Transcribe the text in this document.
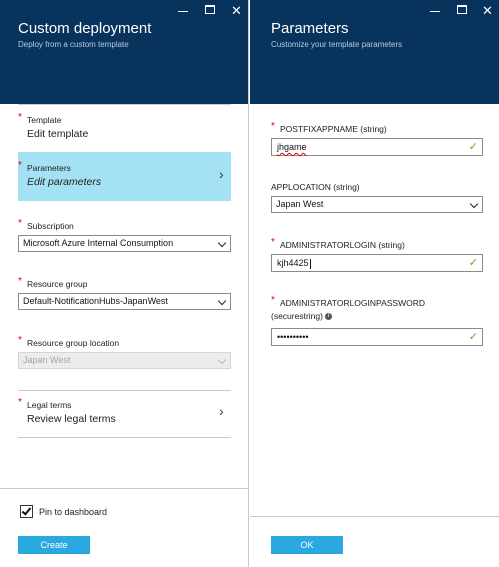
Custom deployment
Deploy from a custom template
✕
* Template
Edit template
* Parameters
Edit parameters	›
* Subscription
Microsoft Azure Internal Consumption
* Resource group
Default-NotificationHubs-JapanWest
* Resource group location
Japan West
* Legal terms
Review legal terms	›
Pin to dashboard
Create
Parameters
Customize your template parameters
✕
* POSTFIXAPPNAME (string)
jhgame	✓
APPLOCATION (string)
Japan West
* ADMINISTRATORLOGIN (string)
kjh4425	✓
* ADMINISTRATORLOGINPASSWORD
(securestring) i
••••••••••	✓
OK
